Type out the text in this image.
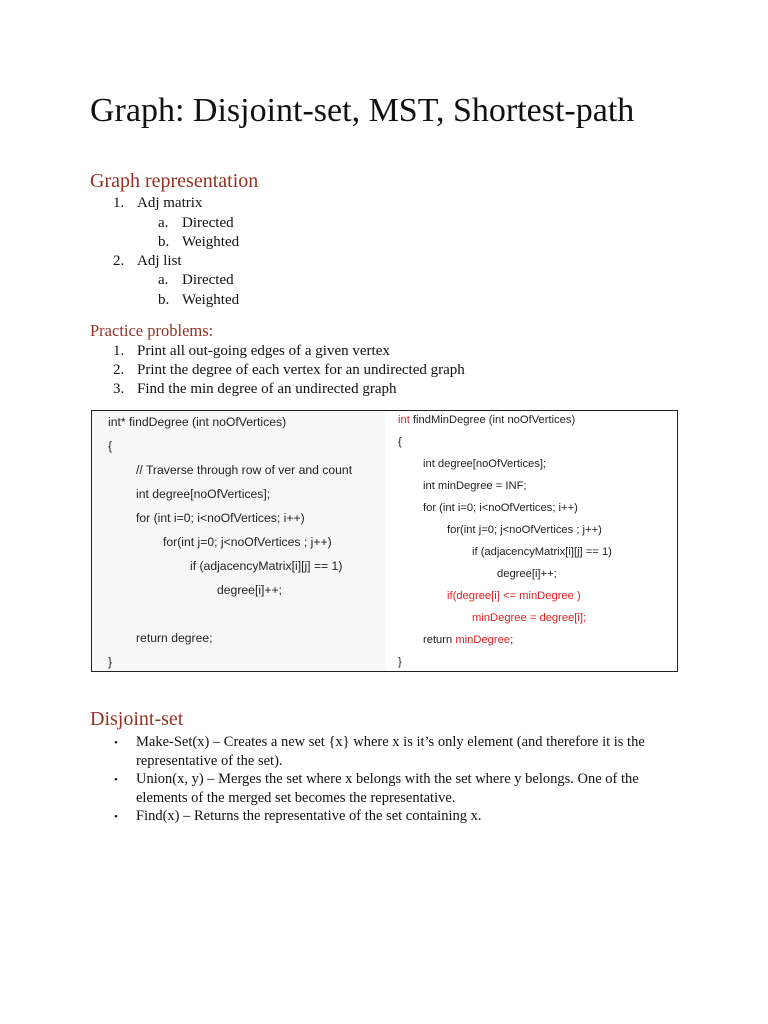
Graph: Disjoint-set, MST, Shortest-path
Graph representation
1. Adj matrix
a. Directed
b. Weighted
2. Adj list
a. Directed
b. Weighted
Practice problems:
1. Print all out-going edges of a given vertex
2. Print the degree of each vertex for an undirected graph
3. Find the min degree of an undirected graph
int* findDegree (int noOfVertices)
{
// Traverse through row of ver and count
int degree[noOfVertices];
for (int i=0; i<noOfVertices; i++)
for(int j=0; j<noOfVertices ; j++)
if (adjacencyMatrix[i][j] == 1)
degree[i]++;
return degree;
}
int findMinDegree (int noOfVertices)
{
int degree[noOfVertices];
int minDegree = INF;
for (int i=0; i<noOfVertices; i++)
for(int j=0; j<noOfVertices ; j++)
if (adjacencyMatrix[i][j] == 1)
degree[i]++;
if(degree[i] <= minDegree )
minDegree = degree[i];
return minDegree;
}
Disjoint-set
• Make-Set(x) – Creates a new set {x} where x is it’s only element (and therefore it is the representative of the set).
• Union(x, y) – Merges the set where x belongs with the set where y belongs. One of the elements of the merged set becomes the representative.
• Find(x) – Returns the representative of the set containing x.
